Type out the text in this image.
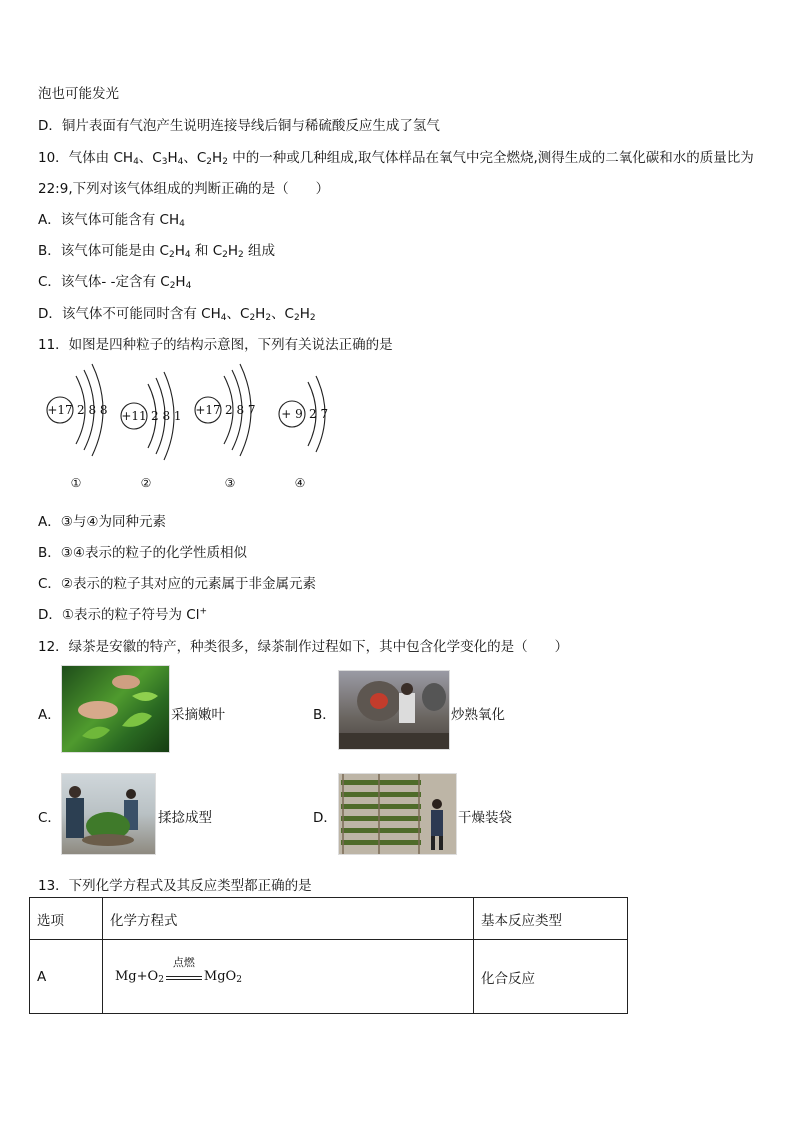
泡也可能发光
D．铜片表面有气泡产生说明连接导线后铜与稀硫酸反应生成了氢气
10．气体由 $CH_4$、$C_3H_4$、$C_2H_2$ 中的一种或几种组成,取气体样品在氧气中完全燃烧,测得生成的二氧化碳和水的质量比为
22:9,下列对该气体组成的判断正确的是（　　）
A．该气体可能含有 $CH_4$
B．该气体可能是由 $C_2H_4$ 和 $C_2H_2$ 组成
C．该气体- -定含有 $C_2H_4$
D．该气体不可能同时含有 $CH_4$、$C_2H_2$、$C_2H_2$
11．如图是四种粒子的结构示意图，下列有关说法正确的是
+17	+11	+17	+ 9
2 8 8	2 8 1	2 8 7	2 7
①	②	③	④
A．③与④为同种元素
B．③④表示的粒子的化学性质相似
C．②表示的粒子其对应的元素属于非金属元素
D．①表示的粒子符号为 Cl+
12．绿茶是安徽的特产，种类很多，绿茶制作过程如下，其中包含化学变化的是（　　）
A．	采摘嫩叶	B．	炒熟氧化
C．	揉捻成型	D．	干燥装袋
13．下列化学方程式及其反应类型都正确的是
选项	化学方程式	基本反应类型
A	$Mg+O_2$
点燃
MgO$_2$	化合反应
